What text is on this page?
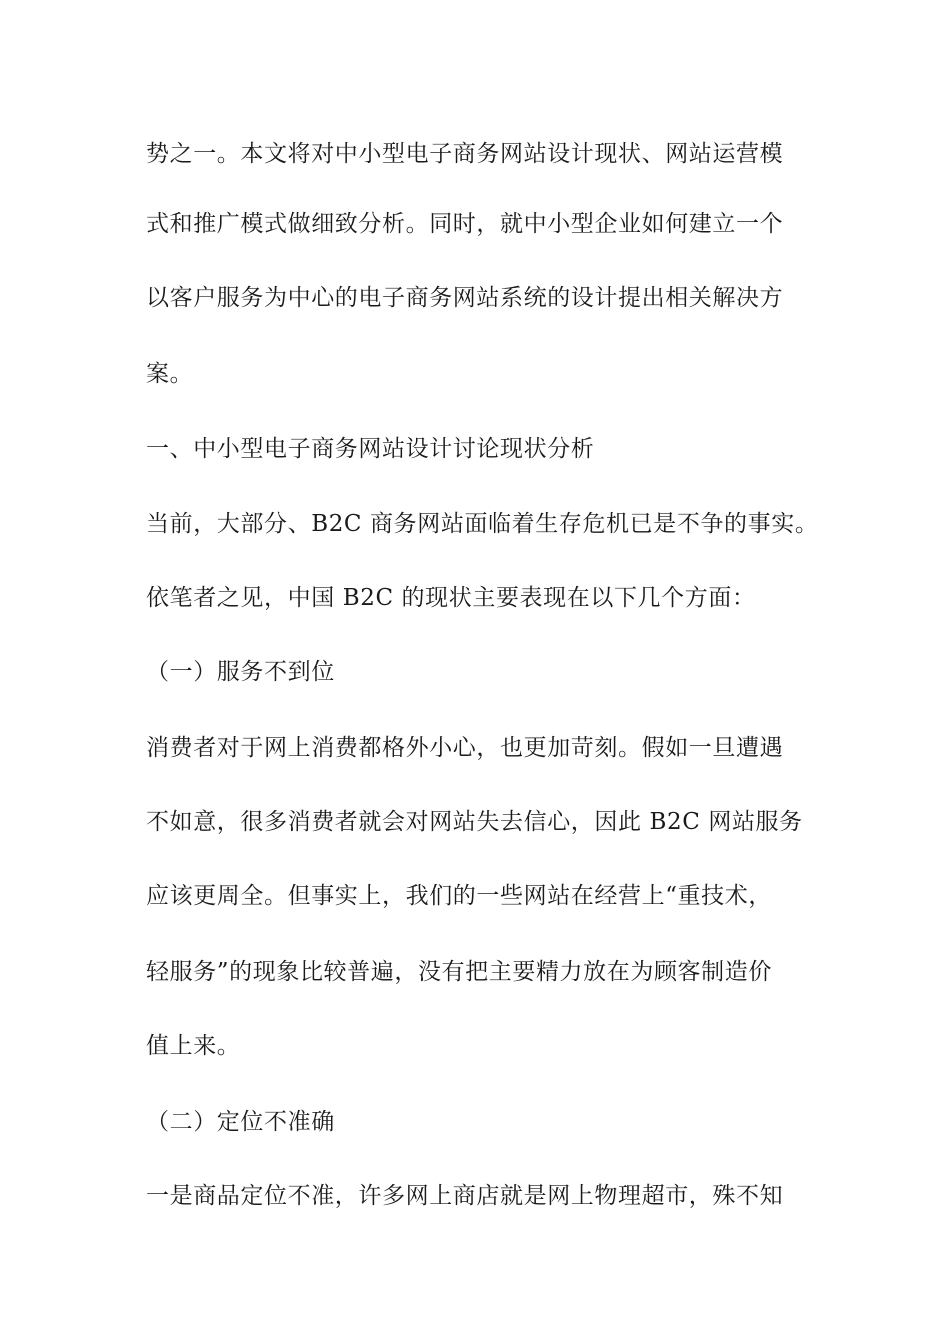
势之一。本文将对中小型电子商务网站设计现状、网站运营模

式和推广模式做细致分析。同时，就中小型企业如何建立一个

以客户服务为中心的电子商务网站系统的设计提出相关解决方

案。

一、中小型电子商务网站设计讨论现状分析

当前，大部分、B2C 商务网站面临着生存危机已是不争的事实。

依笔者之见，中国 B2C 的现状主要表现在以下几个方面：

（一）服务不到位

消费者对于网上消费都格外小心，也更加苛刻。假如一旦遭遇

不如意，很多消费者就会对网站失去信心，因此 B2C 网站服务

应该更周全。但事实上，我们的一些网站在经营上“重技术，

轻服务”的现象比较普遍，没有把主要精力放在为顾客制造价

值上来。

（二）定位不准确

一是商品定位不准，许多网上商店就是网上物理超市，殊不知
